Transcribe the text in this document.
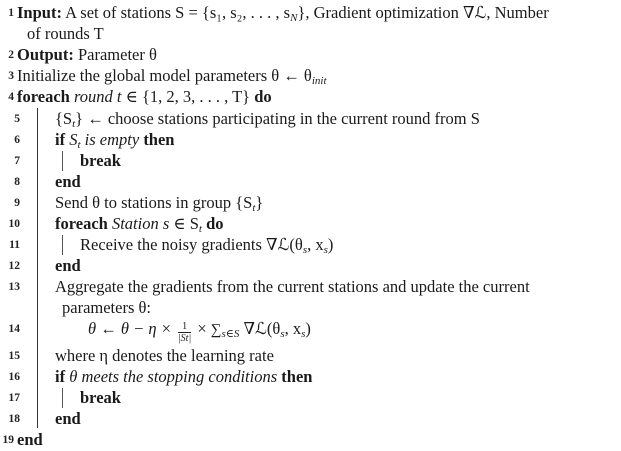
1 Input: A set of stations S = {s₁, s₂, . . . , $s_N$}, Gradient optimization ∇ℒ, Number
of rounds T
2 Output: Parameter θ
3 Initialize the global model parameters θ ← $\theta_{init}$
4 foreach round t ∈ {1, 2, 3, . . . , T} do
5 $\{S_t\}$ ← choose stations participating in the current round from S
6 if $S_t$ is empty then
7	break
8 end
9 Send θ to stations in group $\{S_t\}$
10 foreach Station s ∈ $S_t$ do
11	Receive the noisy gradients $\nabla ℒ(\theta_s$, $x_s$)
12 end
13 Aggregate the gradients from the current stations and update the current
parameters θ:
14	θ ← $\theta - \eta \times \frac{1}{|St|} \times \sum_{s\in S}$ $\nabla ℒ(\theta_s$, $x_s$)
15 where η denotes the learning rate
16 if θ meets the stopping conditions then
17	break
18 end
19 end
